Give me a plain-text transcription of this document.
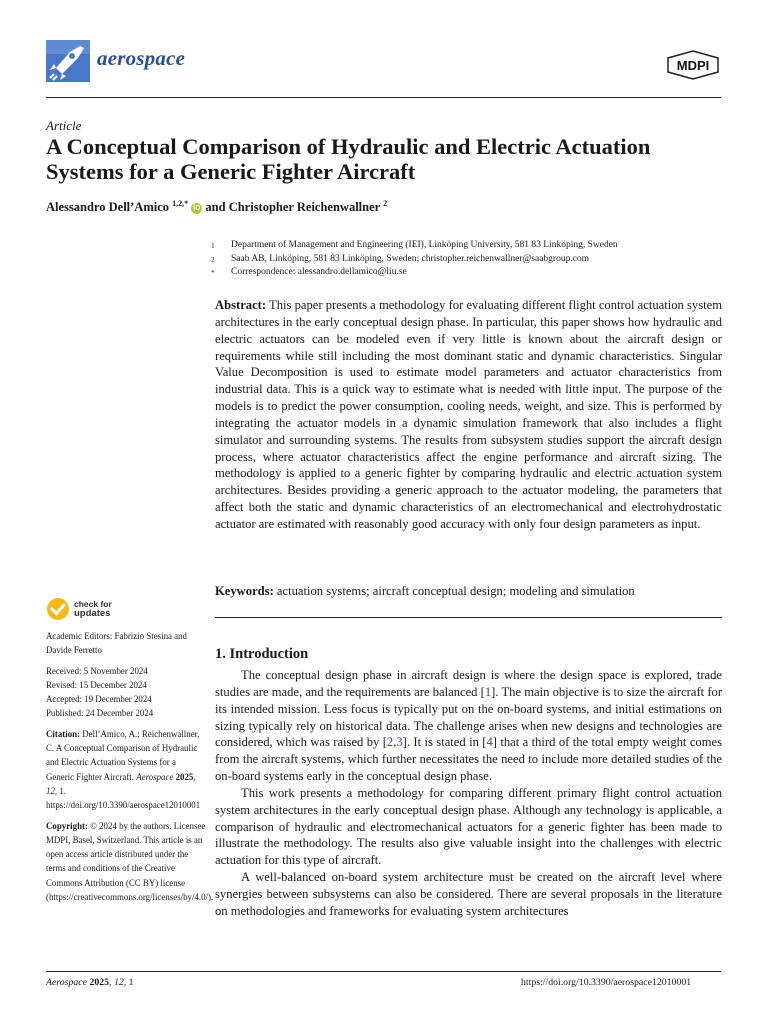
aerospace	MDPI
Article
A Conceptual Comparison of Hydraulic and Electric Actuation Systems for a Generic Fighter Aircraft
Alessandro Dell’Amico $^{1,2,*}$ iD and Christopher Reichenwallner $^2$
1	Department of Management and Engineering (IEI), Linköping University, 581 83 Linköping, Sweden
2	Saab AB, Linköping, 581 83 Linköping, Sweden; christopher.reichenwallner@saabgroup.com
*	Correspondence: alessandro.dellamico@liu.se

Abstract: This paper presents a methodology for evaluating different flight control actuation system architectures in the early conceptual design phase. In particular, this paper shows how hydraulic and electric actuators can be modeled even if very little is known about the aircraft design or requirements while still including the most dominant static and dynamic characteristics. Singular Value Decomposition is used to estimate model parameters and actuator characteristics from industrial data. This is a quick way to estimate what is needed with little input. The purpose of the models is to predict the power consumption, cooling needs, weight, and size. This is performed by integrating the actuator models in a dynamic simulation framework that also includes a flight simulator and surrounding systems. The results from subsystem studies support the aircraft design process, where actuator characteristics affect the engine performance and aircraft sizing. The methodology is applied to a generic fighter by comparing hydraulic and electric actuation system architectures. Besides providing a generic approach to the actuator modeling, the parameters that affect both the static and dynamic characteristics of an electromechanical and electrohydrostatic actuator are estimated with reasonably good accuracy with only four design parameters as input.

Keywords: actuation systems; aircraft conceptual design; modeling and simulation

check for
updates
Academic Editors: Fabrizio Stesina and Davide Ferretto

Received: 5 November 2024

Revised: 15 December 2024

Accepted: 19 December 2024

Published: 24 December 2024

Citation: Dell’Amico, A.; Reichenwallner, C. A Conceptual Comparison of Hydraulic and Electric Actuation Systems for a Generic Fighter Aircraft. Aerospace 2025, 12, 1. https://doi.org/10.3390/aerospace12010001
Copyright: © 2024 by the authors. Licensee MDPI, Basel, Switzerland. This article is an open access article distributed under the terms and conditions of the Creative Commons Attribution (CC BY) license (https://creativecommons.org/licenses/by/4.0/).
1. Introduction

The conceptual design phase in aircraft design is where the design space is explored, trade studies are made, and the requirements are balanced [1]. The main objective is to size the aircraft for its intended mission. Less focus is typically put on the on-board systems, and initial estimations on sizing typically rely on historical data. The challenge arises when new designs and technologies are considered, which was raised by [2,3]. It is stated in [4] that a third of the total empty weight comes from the aircraft systems, which further necessitates the need to include more detailed studies of the on-board systems early in the conceptual design phase.

This work presents a methodology for comparing different primary flight control actuation system architectures in the early conceptual design phase. Although any technology is applicable, a comparison of hydraulic and electromechanical actuators for a generic fighter has been made to illustrate the methodology. The results also give valuable insight into the challenges with electric actuation for this type of aircraft.

A well-balanced on-board system architecture must be created on the aircraft level where synergies between subsystems can also be considered. There are several proposals in the literature on methodologies and frameworks for evaluating system architectures

Aerospace 2025, 12, 1	https://doi.org/10.3390/aerospace12010001
